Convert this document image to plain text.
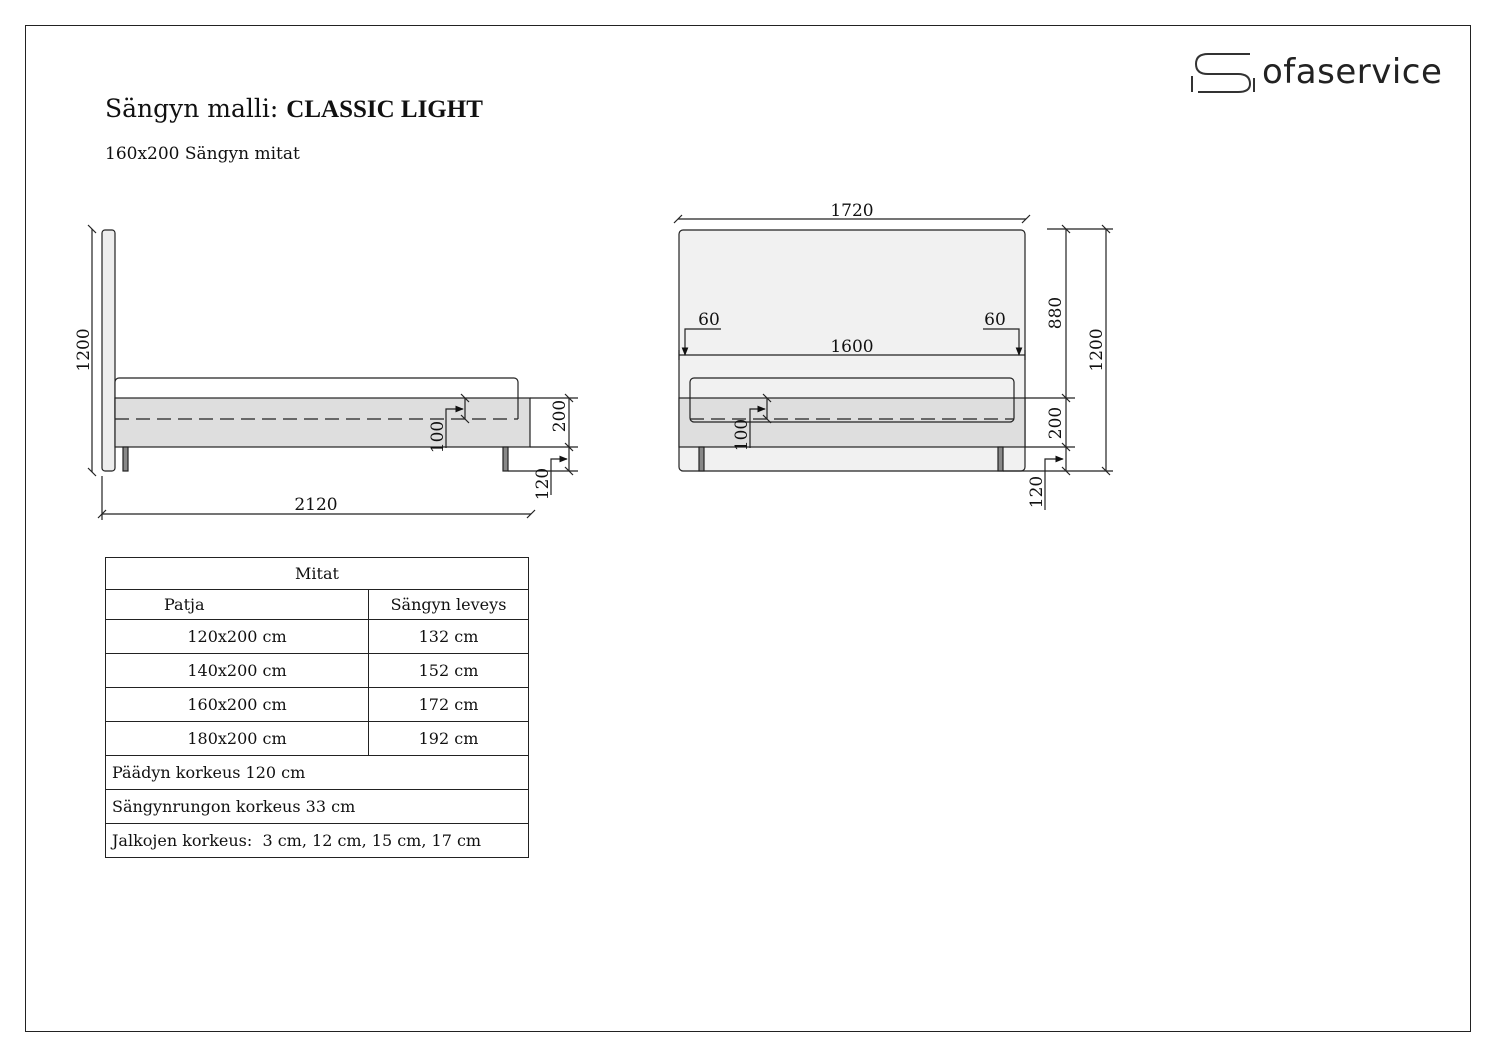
ofaservice
Sängyn malli: CLASSIC LIGHT
160x200 Sängyn mitat
1200
2120
200
120
100
1720
1600
60	60
100
880
200
120
1200
Mitat	
Patja	Sängyn leveys
120x200 cm	132 cm
140x200 cm	152 cm
160x200 cm	172 cm
180x200 cm	192 cm
Päädyn korkeus 120 cm	
Sängynrungon korkeus 33 cm	
Jalkojen korkeus:  3 cm, 12 cm, 15 cm, 17 cm	
